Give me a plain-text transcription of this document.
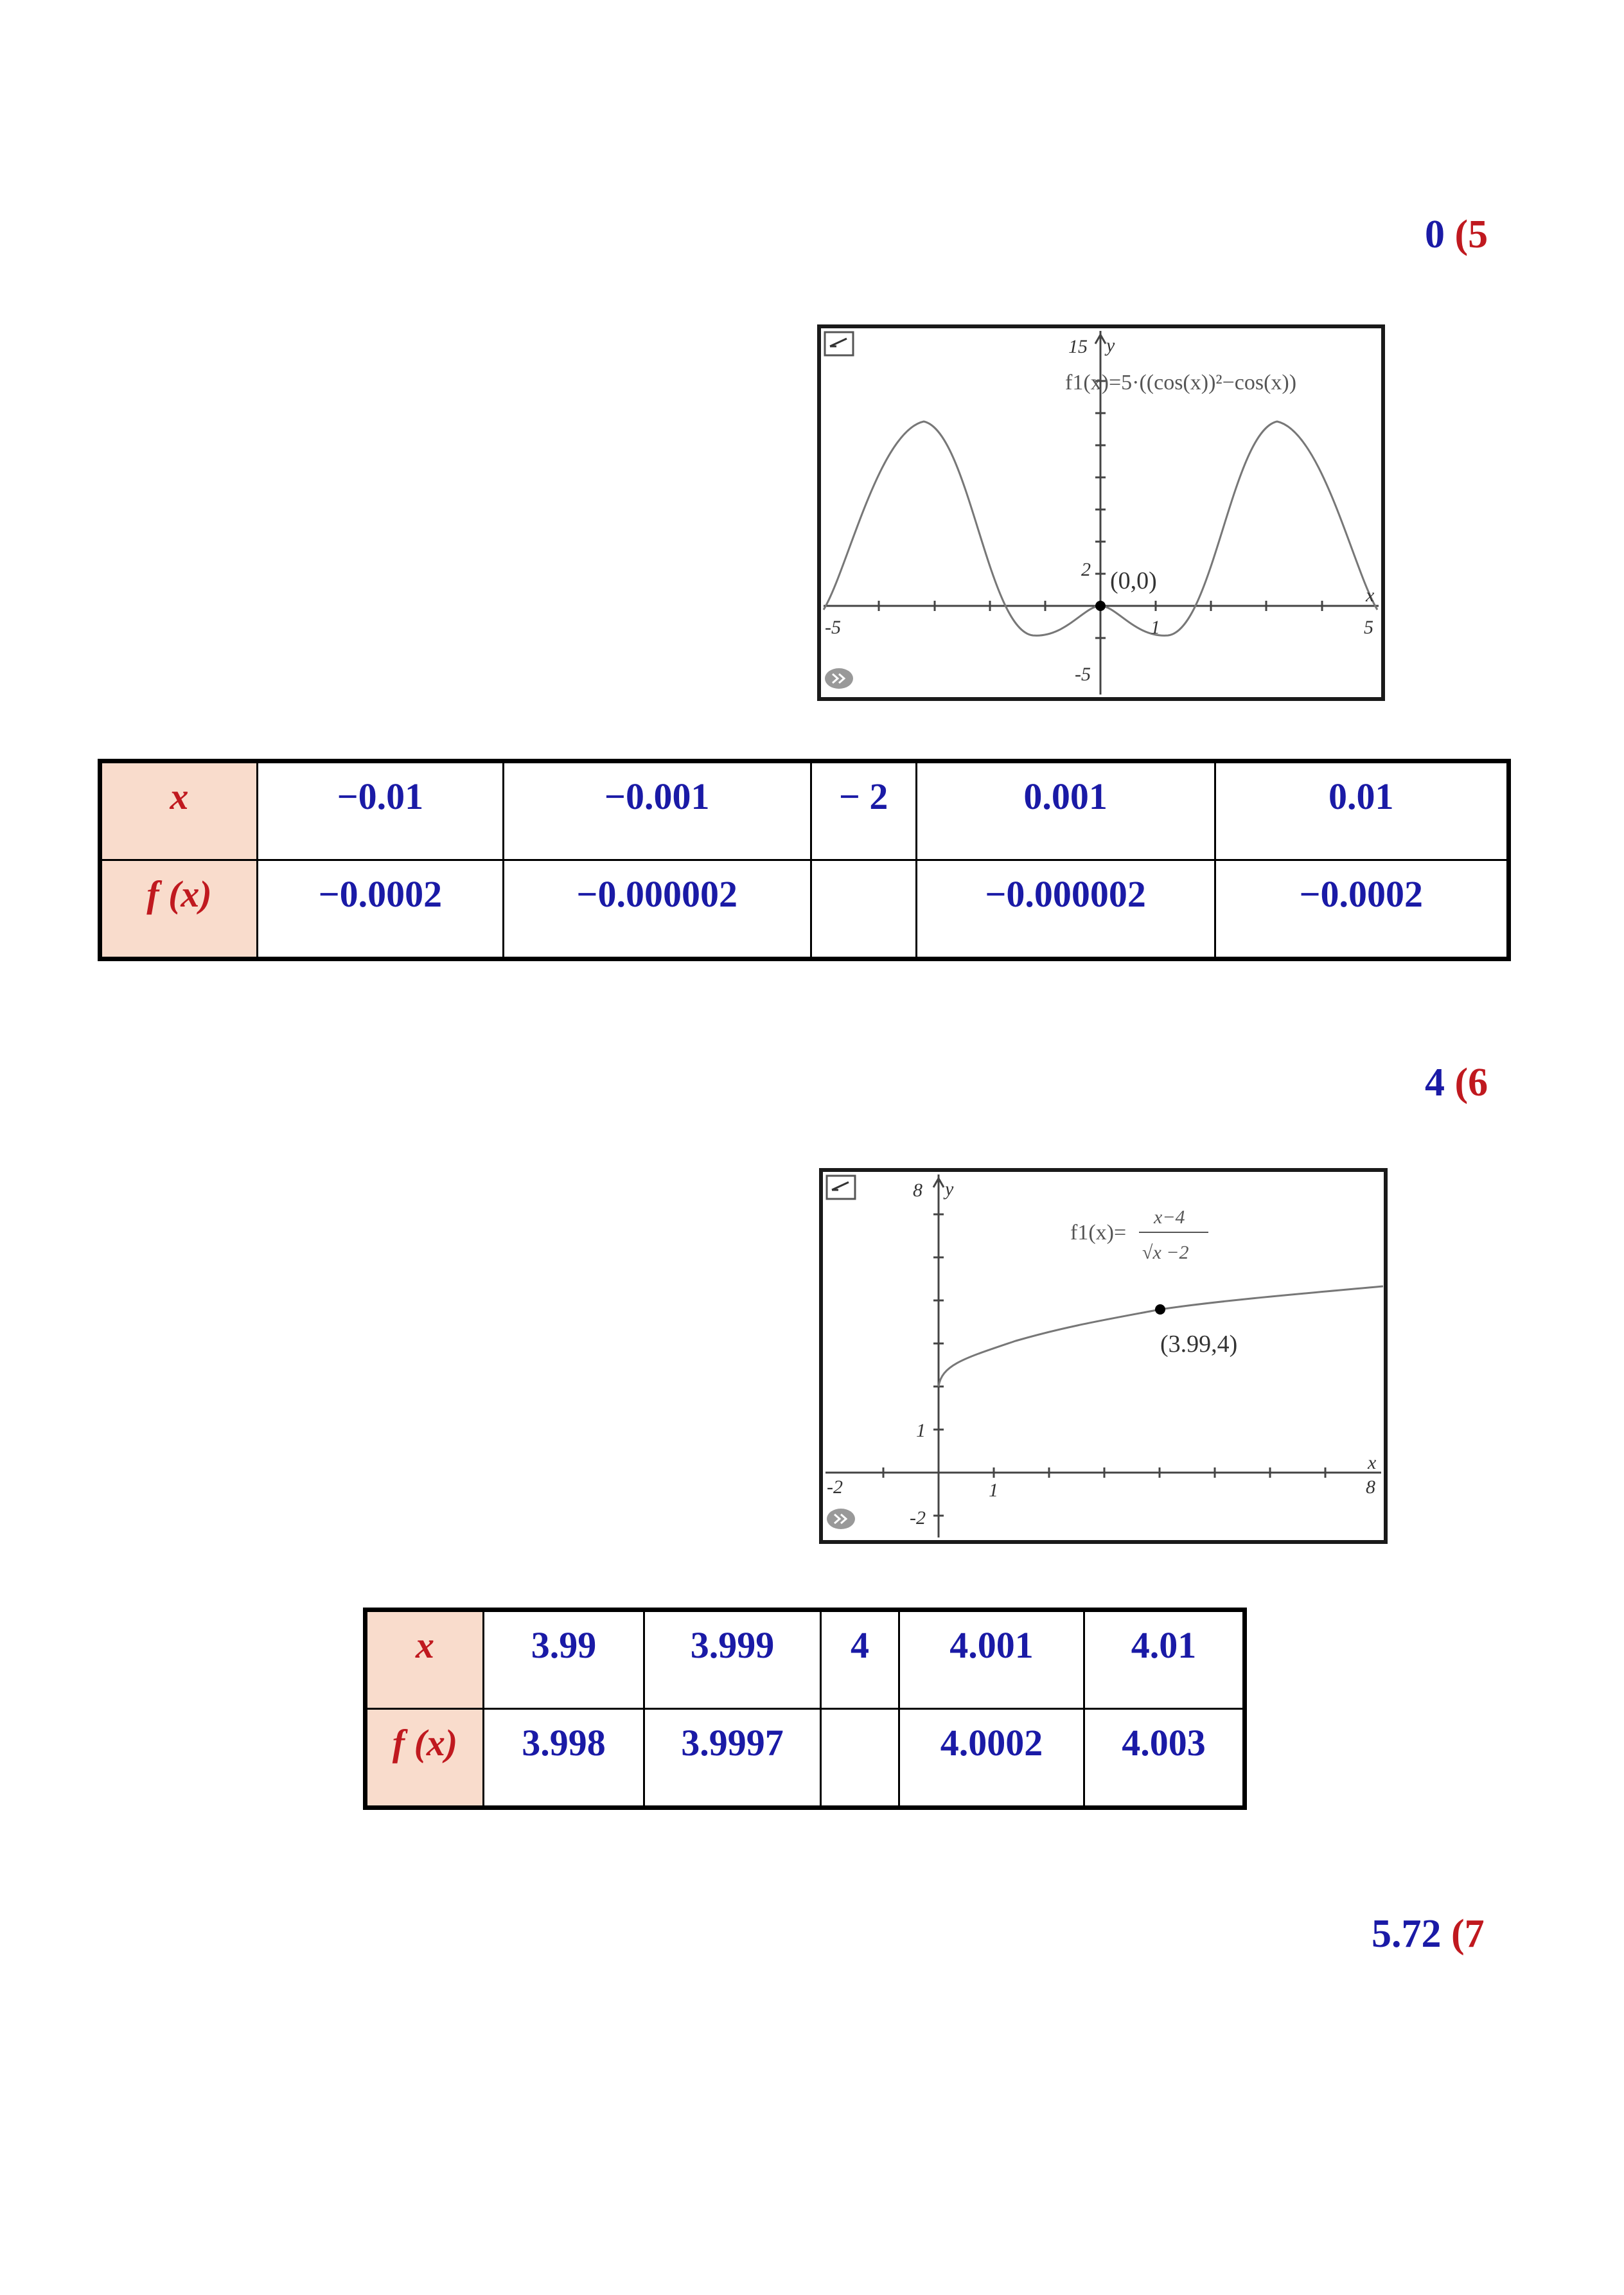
0 (5
(0,0)
f1(x)=5·((cos(x))²−cos(x))
15 y
2
-5
-5	5
1
x
x	−0.01	−0.001	− 2	0.001	0.01
f (x)	−0.0002	−0.000002		−0.000002	−0.0002
4 (6
(3.99,4)
f1(x)=
x−4
√x −2
8 y
1
-2
-2	8
1
x
x	3.99	3.999	4	4.001	4.01
f (x)	3.998	3.9997		4.0002	4.003
5.72 (7
